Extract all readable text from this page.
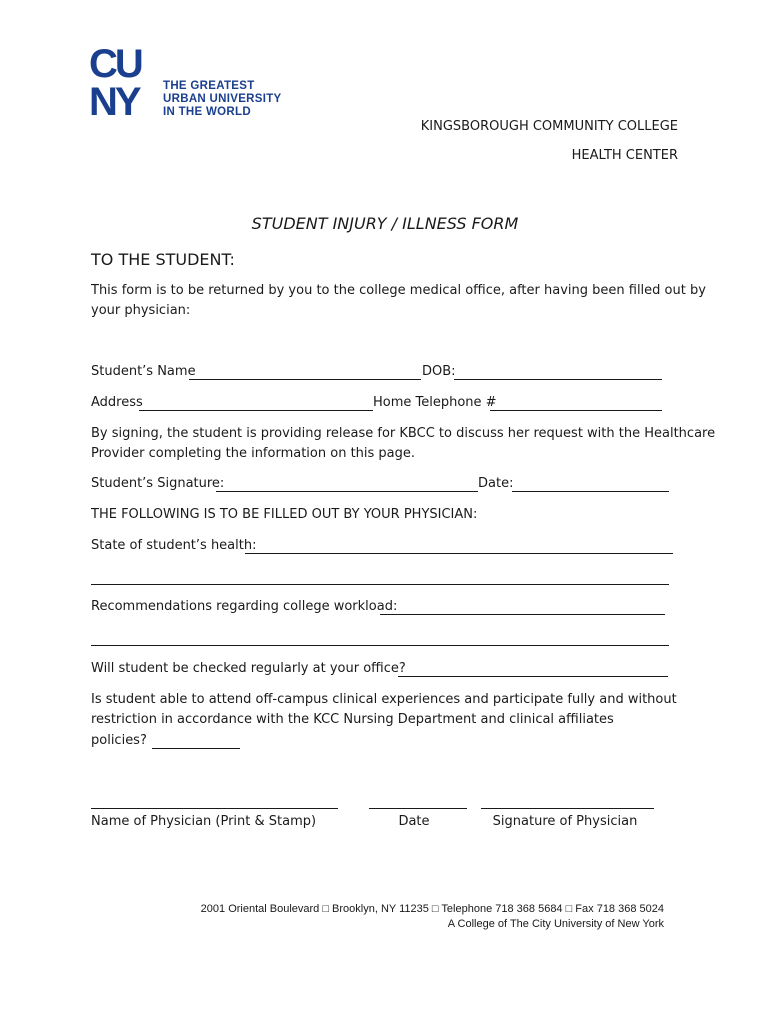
CU
NY THE GREATEST
URBAN UNIVERSITY
IN THE WORLD
KINGSBOROUGH COMMUNITY COLLEGE
HEALTH CENTER
STUDENT INJURY / ILLNESS FORM
TO THE STUDENT:
This form is to be returned by you to the college medical office, after having been filled out by
your physician:
Student’s Name	DOB:
Address	Home Telephone #
By signing, the student is providing release for KBCC to discuss her request with the Healthcare
Provider completing the information on this page.
Student’s Signature:	Date:
THE FOLLOWING IS TO BE FILLED OUT BY YOUR PHYSICIAN:
State of student’s health:
Recommendations regarding college workload:
Will student be checked regularly at your office?
Is student able to attend off-campus clinical experiences and participate fully and without
restriction in accordance with the KCC Nursing Department and clinical affiliates
policies?
Name of Physician (Print & Stamp)	Date	Signature of Physician
2001 Oriental Boulevard □ Brooklyn, NY 11235 □ Telephone 718 368 5684 □ Fax 718 368 5024
A College of The City University of New York
